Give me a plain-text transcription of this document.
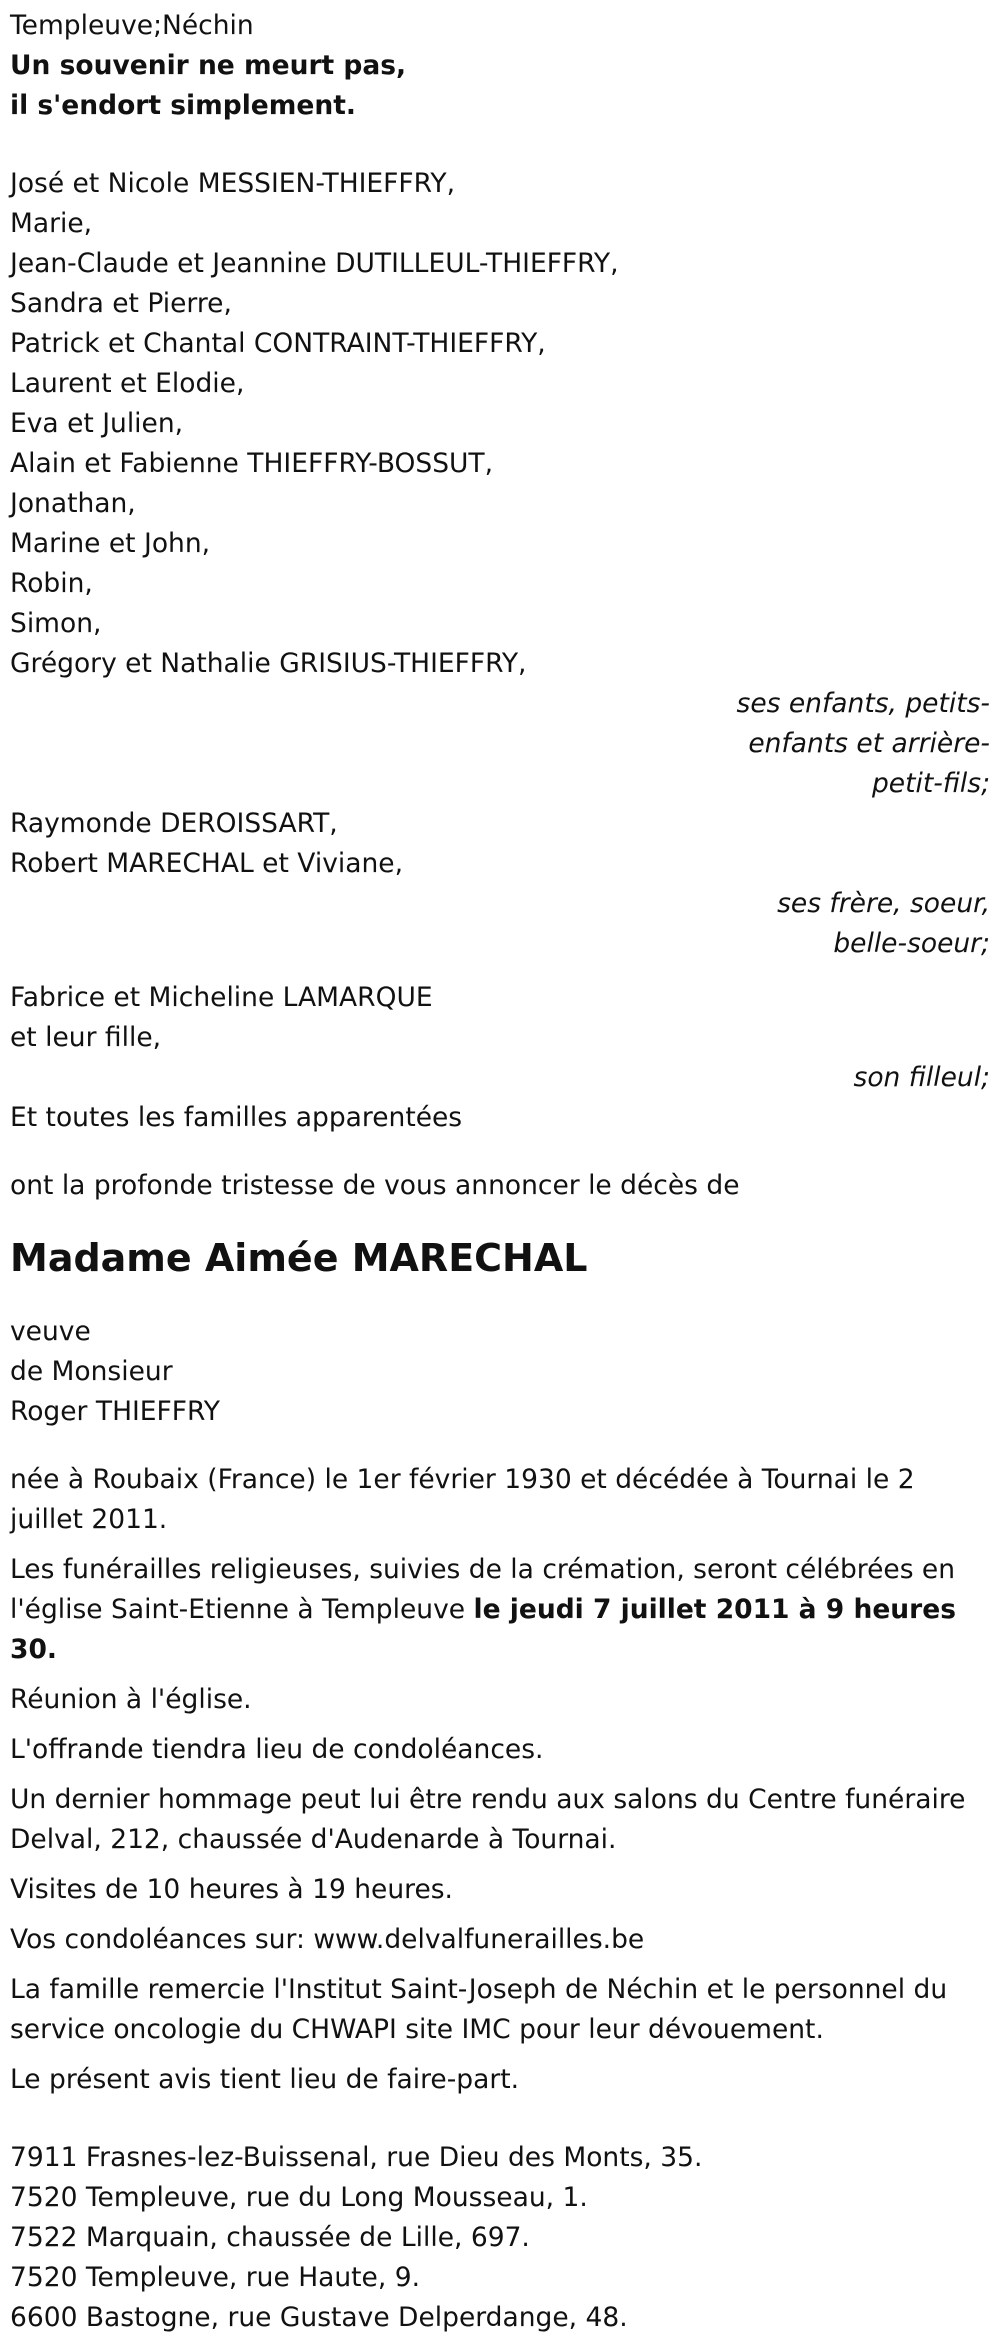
Templeuve;Néchin
Un souvenir ne meurt pas,
il s'endort simplement.
José et Nicole MESSIEN-THIEFFRY,
Marie,
Jean-Claude et Jeannine DUTILLEUL-THIEFFRY,
Sandra et Pierre,
Patrick et Chantal CONTRAINT-THIEFFRY,
Laurent et Elodie,
Eva et Julien,
Alain et Fabienne THIEFFRY-BOSSUT,
Jonathan,
Marine et John,
Robin,
Simon,
Grégory et Nathalie GRISIUS-THIEFFRY,
ses enfants, petits-
enfants et arrière-
petit-fils;
Raymonde DEROISSART,
Robert MARECHAL et Viviane,
ses frère, soeur,
belle-soeur;
Fabrice et Micheline LAMARQUE
et leur fille,
son filleul;
Et toutes les familles apparentées
ont la profonde tristesse de vous annoncer le décès de
Madame Aimée MARECHAL
veuve
de Monsieur
Roger THIEFFRY

née à Roubaix (France) le 1er février 1930 et décédée à Tournai le 2 juillet 2011.

Les funérailles religieuses, suivies de la crémation, seront célébrées en l'église Saint-Etienne à Templeuve le jeudi 7 juillet 2011 à 9 heures 30.

Réunion à l'église.

L'offrande tiendra lieu de condoléances.

Un dernier hommage peut lui être rendu aux salons du Centre funéraire Delval, 212, chaussée d'Audenarde à Tournai.

Visites de 10 heures à 19 heures.

Vos condoléances sur: www.delvalfunerailles.be

La famille remercie l'Institut Saint-Joseph de Néchin et le personnel du service oncologie du CHWAPI site IMC pour leur dévouement.

Le présent avis tient lieu de faire-part.

7911 Frasnes-lez-Buissenal, rue Dieu des Monts, 35.
7520 Templeuve, rue du Long Mousseau, 1.
7522 Marquain, chaussée de Lille, 697.
7520 Templeuve, rue Haute, 9.
6600 Bastogne, rue Gustave Delperdange, 48.
